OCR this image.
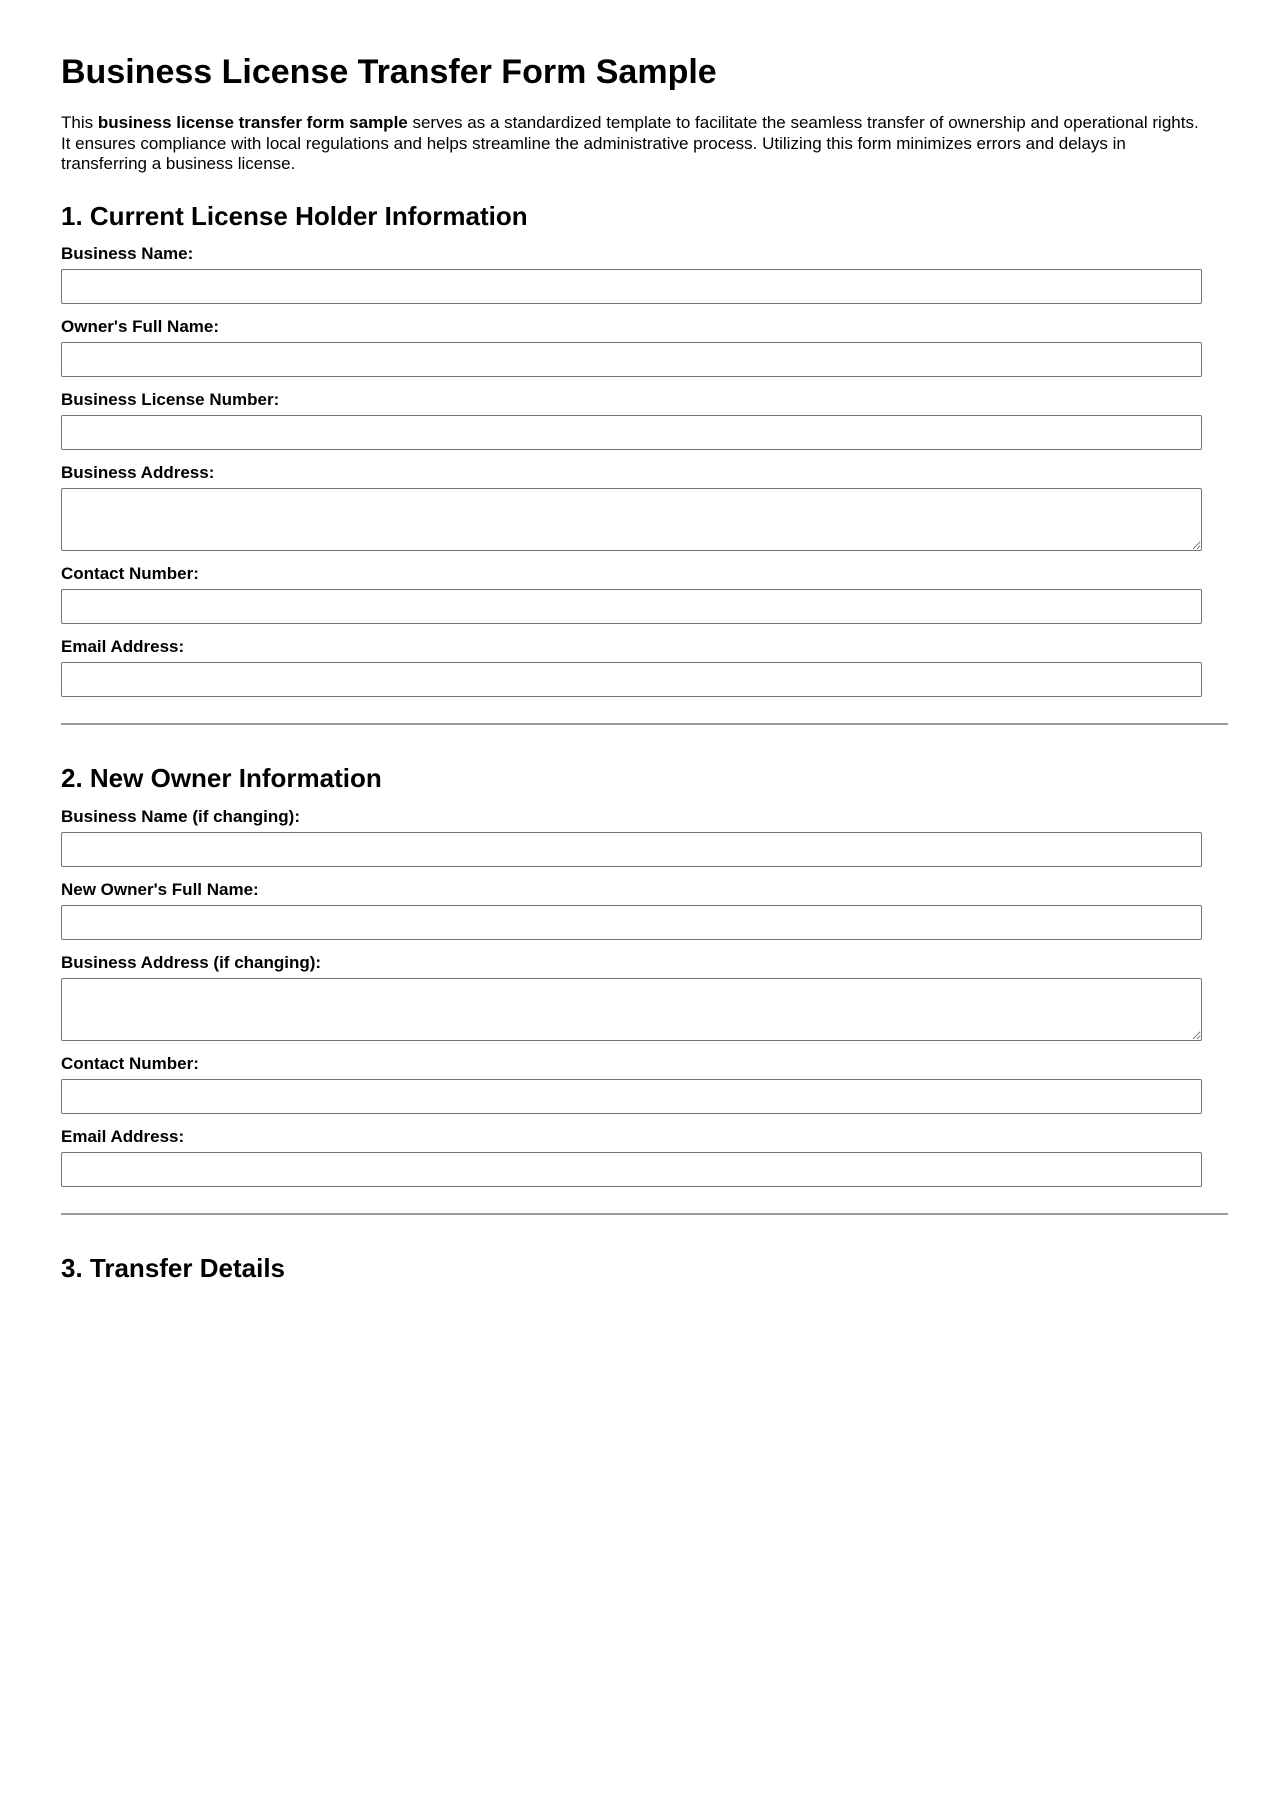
Business License Transfer Form Sample

This business license transfer form sample serves as a standardized template to facilitate the seamless transfer of ownership and operational rights. It ensures compliance with local regulations and helps streamline the administrative process. Utilizing this form minimizes errors and delays in transferring a business license.

1. Current License Holder Information
Business Name:
Owner's Full Name:
Business License Number:
Business Address:
Contact Number:
Email Address:
2. New Owner Information
Business Name (if changing):
New Owner's Full Name:
Business Address (if changing):
Contact Number:
Email Address:
3. Transfer Details
